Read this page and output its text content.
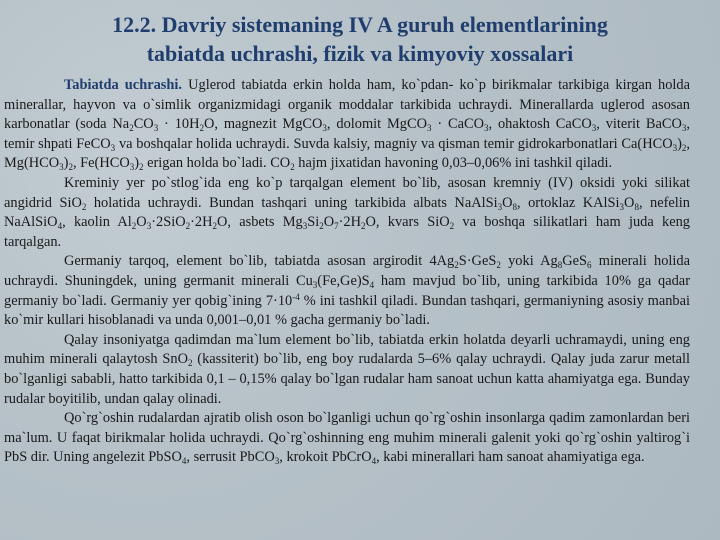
12.2. Davriy sistemaning IV A guruh elementlarining
tabiatda uchrashi, fizik va kimyoviy xossalari

Tabiatda uchrashi. Uglerod tabiatda erkin holda ham, ko`pdan- ko`p birikmalar tarkibiga kirgan holda minerallar, hayvon va o`simlik organizmidagi organik moddalar tarkibida uchraydi. Minerallarda uglerod asosan karbonatlar (soda $Na_2CO_3 \cdot 10H_2O$, magnezit MgCO$_3$, dolomit MgCO$_3$ · CaCO$_3$, ohaktosh CaCO$_3$, viterit BaCO$_3$, temir shpati FeCO$_3$ va boshqalar holida uchraydi. Suvda kalsiy, magniy va qisman temir gidrokarbonatlari $Ca(HCO_3)_2$, $Mg(HCO_3)_2$, $Fe(HCO_3)_2$ erigan holda bo`ladi. $CO_2$ hajm jixatidan havoning 0,03–0,06% ini tashkil qiladi.

Kreminiy yer po`stlog`ida eng ko`p tarqalgan element bo`lib, asosan kremniy (IV) oksidi yoki silikat angidrid SiO$_2$ holatida uchraydi. Bundan tashqari uning tarkibida albats $NaAlSi_3O_8$, ortoklaz $KAlSi_3O_8$, nefelin NaAlSiO$_4$, kaolin $Al_2O_3\cdot 2SiO_2\cdot 2H_2O$, asbets $Mg_3Si_2O_7\cdot 2H_2O$, kvars SiO$_2$ va boshqa silikatlari ham juda keng tarqalgan.

Germaniy tarqoq, element bo`lib, tabiatda asosan argirodit $4Ag_2S\cdot GeS_2$ yoki $Ag_8GeS_6$ minerali holida uchraydi. Shuningdek, uning germanit minerali $Cu_3(Fe,Ge)S_4$ ham mavjud bo`lib, uning tarkibida 10% ga qadar germaniy bo`ladi. Germaniy yer qobig`ining $7\cdot 10^{-4}$ % ini tashkil qiladi. Bundan tashqari, germaniyning asosiy manbai ko`mir kullari hisoblanadi va unda 0,001–0,01 % gacha germaniy bo`ladi.

Qalay insoniyatga qadimdan ma`lum element bo`lib, tabiatda erkin holatda deyarli uchramaydi, uning eng muhim minerali qalaytosh SnO$_2$ (kassiterit) bo`lib, eng boy rudalarda 5–6% qalay uchraydi. Qalay juda zarur metall bo`lganligi sababli, hatto tarkibida 0,1 – 0,15% qalay bo`lgan rudalar ham sanoat uchun katta ahamiyatga ega. Bunday rudalar boyitilib, undan qalay olinadi.

Qo`rg`oshin rudalardan ajratib olish oson bo`lganligi uchun qo`rg`oshin insonlarga qadim zamonlardan beri ma`lum. U faqat birikmalar holida uchraydi. Qo`rg`oshinning eng muhim minerali galenit yoki qo`rg`oshin yaltirog`i PbS dir. Uning angelezit PbSO$_4$, serrusit PbCO$_3$, krokoit PbCrO$_4$, kabi minerallari ham sanoat ahamiyatiga ega.
